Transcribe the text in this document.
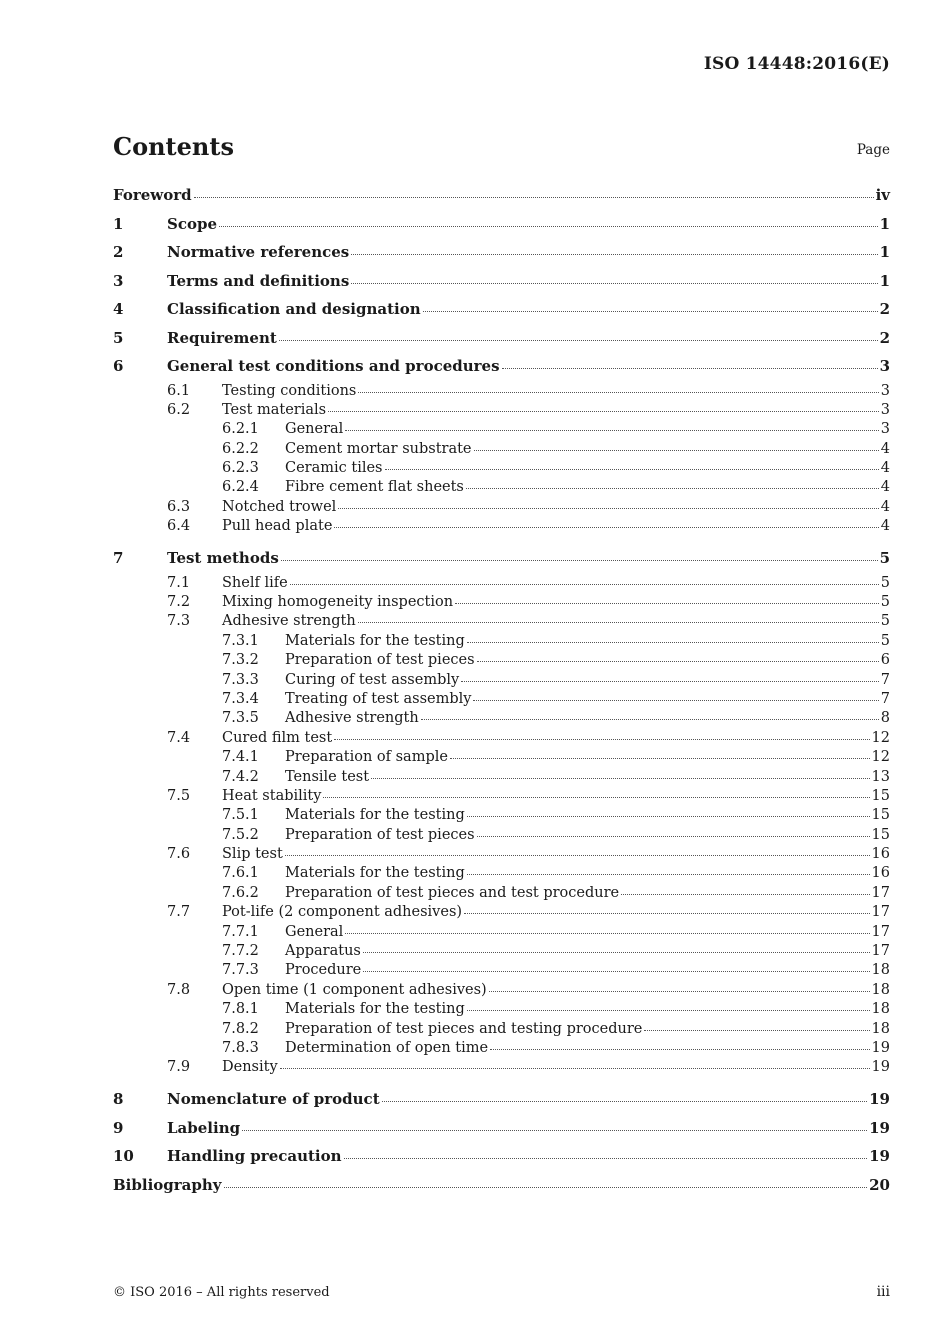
ISO 14448:2016(E)
Contents	Page
Foreword	iv
1	Scope	1
2	Normative references	1
3	Terms and definitions	1
4	Classification and designation	2
5	Requirement	2
6	General test conditions and procedures	3
6.1	Testing conditions	3
6.2	Test materials	3
6.2.1	General	3
6.2.2	Cement mortar substrate	4
6.2.3	Ceramic tiles	4
6.2.4	Fibre cement flat sheets	4
6.3	Notched trowel	4
6.4	Pull head plate	4
7	Test methods	5
7.1	Shelf life	5
7.2	Mixing homogeneity inspection	5
7.3	Adhesive strength	5
7.3.1	Materials for the testing	5
7.3.2	Preparation of test pieces	6
7.3.3	Curing of test assembly	7
7.3.4	Treating of test assembly	7
7.3.5	Adhesive strength	8
7.4	Cured film test	12
7.4.1	Preparation of sample	12
7.4.2	Tensile test	13
7.5	Heat stability	15
7.5.1	Materials for the testing	15
7.5.2	Preparation of test pieces	15
7.6	Slip test	16
7.6.1	Materials for the testing	16
7.6.2	Preparation of test pieces and test procedure	17
7.7	Pot-life (2 component adhesives)	17
7.7.1	General	17
7.7.2	Apparatus	17
7.7.3	Procedure	18
7.8	Open time (1 component adhesives)	18
7.8.1	Materials for the testing	18
7.8.2	Preparation of test pieces and testing procedure	18
7.8.3	Determination of open time	19
7.9	Density	19
8	Nomenclature of product	19
9	Labeling	19
10	Handling precaution	19
Bibliography	20
© ISO 2016 – All rights reserved	iii
